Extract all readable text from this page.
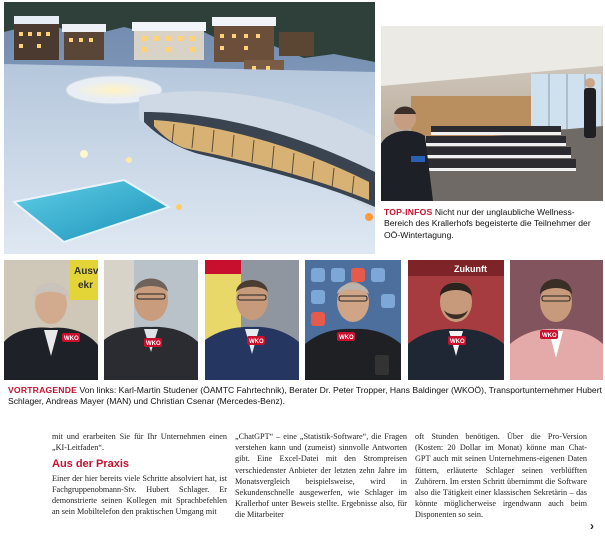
TOP-INFOS Nicht nur der unglaubliche Wellness-Bereich des Krallerhofs begeisterte die Teilnehmer der OÖ-Wintertagung.
Ausv
ekr
WKO
WKO	WKO
WKO
Zukunft
WKO
WKO
VORTRAGENDE Von links: Karl-Martin Studener (ÖAMTC Fahrtechnik), Berater Dr. Peter Tropper, Hans Baldinger (WKOÖ), Transportunternehmer Hubert Schlager, Andreas Mayer (MAN) und Christian Csenar (Mercedes-Benz).

mit und erarbeiten Sie für Ihr Unternehmen einen „KI-Leitfaden“.

Aus der Praxis

Einer der hier bereits viele Schritte absolviert hat, ist Fachgruppenobmann-Stv. Hubert Schlager. Er demonstrierte seinen Kollegen mit Sprachbefehlen an sein Mobiltelefon den praktischen Umgang mit

„ChatGPT“ – eine „Statistik-Software“, die Fragen verstehen kann und (zumeist) sinnvolle Antworten gibt. Eine Excel-Datei mit den Strompreisen verschiedenster Anbieter der letzten zehn Jahre im Monatsvergleich beispielsweise, wird in Sekundenschnelle ausgewerfen, wie Schlager im Krallerhof unter Beweis stellte. Ergebnisse also, für die Mitarbeiter

oft Stunden benötigen. Über die Pro-Version (Kosten: 20 Dollar im Monat) könne man Chat-GPT auch mit seinen Unternehmens-eigenen Daten füttern, erläuterte Schlager seinen verblüfften Zuhörern. Im ersten Schritt übernimmt die Software also die Tätigkeit einer klassischen Sekretärin – das könnte möglicherweise irgendwann auch beim Disponenten so sein.

›
